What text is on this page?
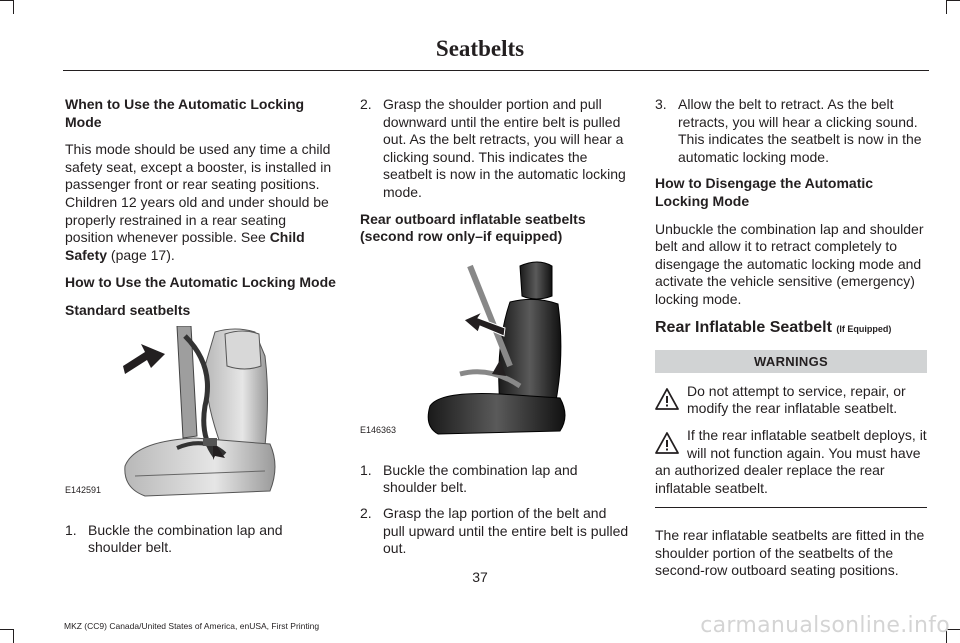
Seatbelts

When to Use the Automatic Locking Mode

This mode should be used any time a child safety seat, except a booster, is installed in passenger front or rear seating positions. Children 12 years old and under should be properly restrained in a rear seating position whenever possible. See Child Safety (page 17).

How to Use the Automatic Locking Mode

Standard seatbelts

E142591
1. Buckle the combination lap and shoulder belt.
2. Grasp the shoulder portion and pull downward until the entire belt is pulled out. As the belt retracts, you will hear a clicking sound. This indicates the seatbelt is now in the automatic locking mode.

Rear outboard inflatable seatbelts (second row only–if equipped)

E146363
1. Buckle the combination lap and shoulder belt.
2. Grasp the lap portion of the belt and pull upward until the entire belt is pulled out.
3. Allow the belt to retract. As the belt retracts, you will hear a clicking sound. This indicates the seatbelt is now in the automatic locking mode.

How to Disengage the Automatic Locking Mode

Unbuckle the combination lap and shoulder belt and allow it to retract completely to disengage the automatic locking mode and activate the vehicle sensitive (emergency) locking mode.

Rear Inflatable Seatbelt (If Equipped)
WARNINGS

Do not attempt to service, repair, or modify the rear inflatable seatbelt.

If the rear inflatable seatbelt deploys, it will not function again. You must have an authorized dealer replace the rear inflatable seatbelt.

The rear inflatable seatbelts are fitted in the shoulder portion of the seatbelts of the second-row outboard seating positions.

37
MKZ (CC9) Canada/United States of America, enUSA, First Printing	carmanualsonline.info
